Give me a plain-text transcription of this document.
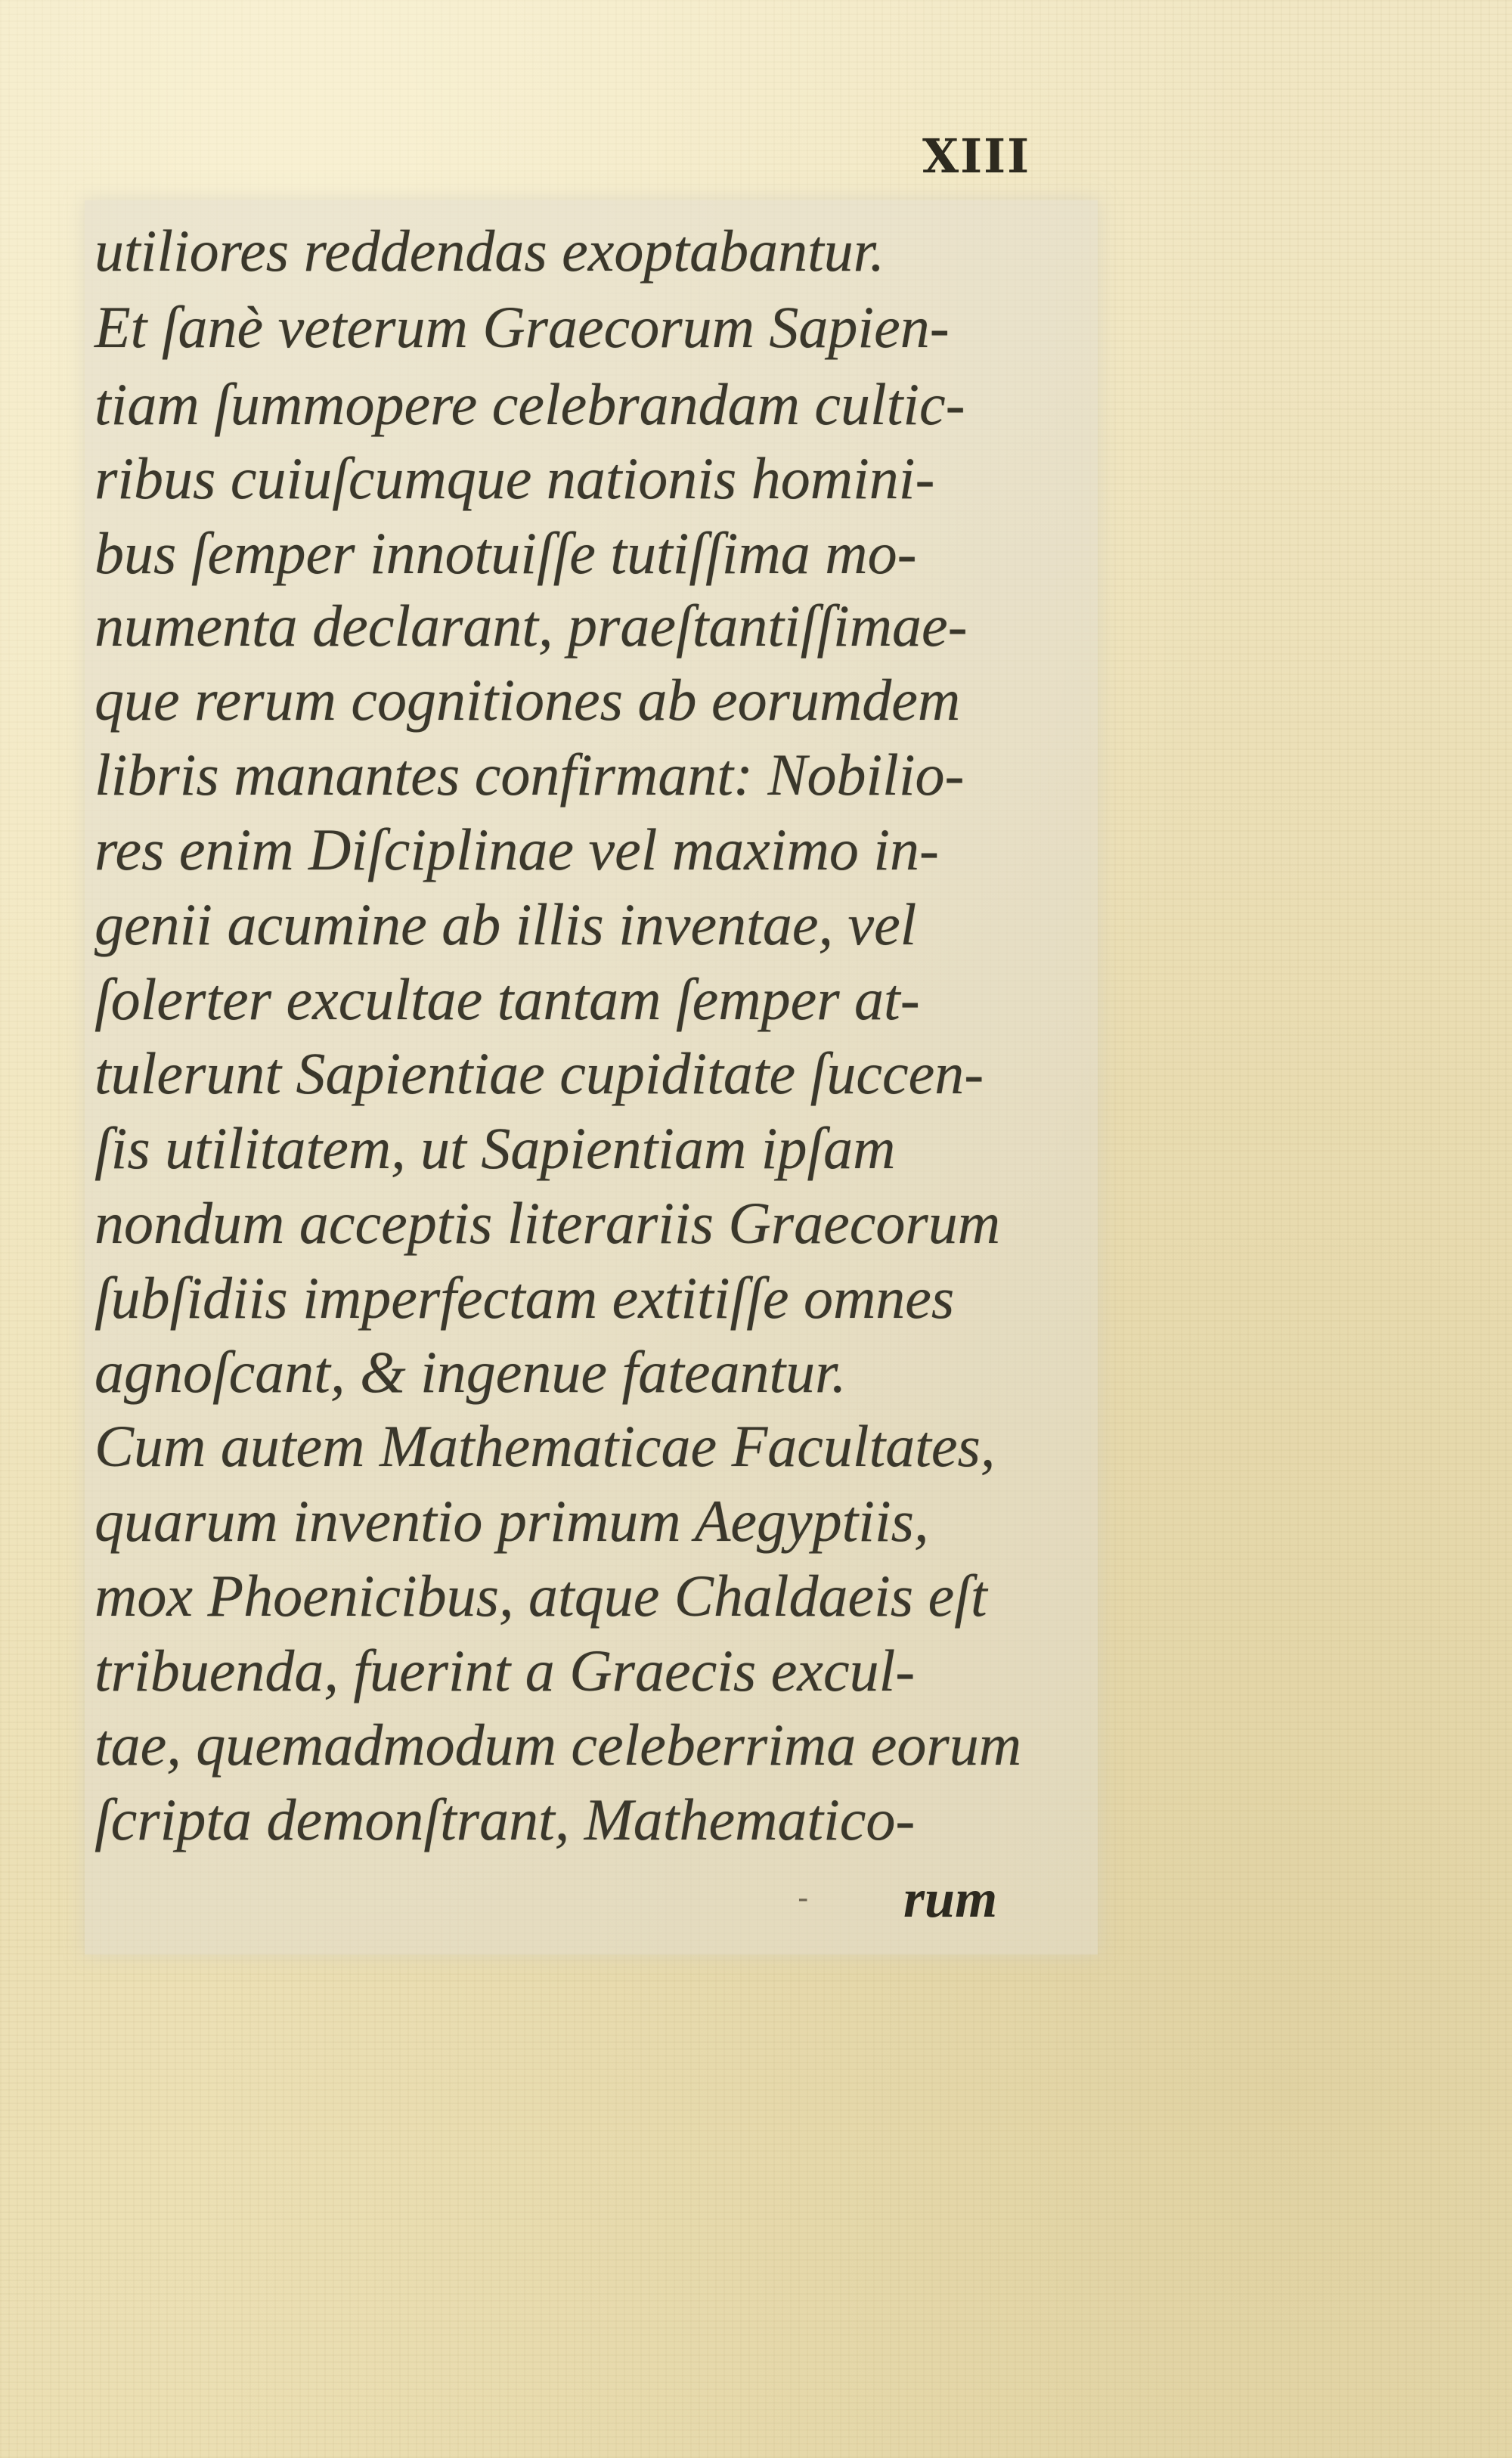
XIII
utiliores reddendas exoptabantur.
Et ſanè veterum Graecorum Sapien-
tiam ſummopere celebrandam cultic-
ribus cuiuſcumque nationis homini-
bus ſemper innotuiſſe tutiſſima mo-
numenta declarant, praeſtantiſſimae-
que rerum cognitiones ab eorumdem
libris manantes confirmant: Nobilio-
res enim Diſciplinae vel maximo in-
genii acumine ab illis inventae, vel
ſolerter excultae tantam ſemper at-
tulerunt Sapientiae cupiditate ſuccen-
ſis utilitatem, ut Sapientiam ipſam
nondum acceptis literariis Graecorum
ſubſidiis imperfectam extitiſſe omnes
agnoſcant, & ingenue fateantur.
Cum autem Mathematicae Facultates,
quarum inventio primum Aegyptiis,
mox Phoenicibus, atque Chaldaeis eſt
tribuenda, fuerint a Graecis excul-
tae, quemadmodum celeberrima eorum
ſcripta demonſtrant, Mathematico-
- rum
